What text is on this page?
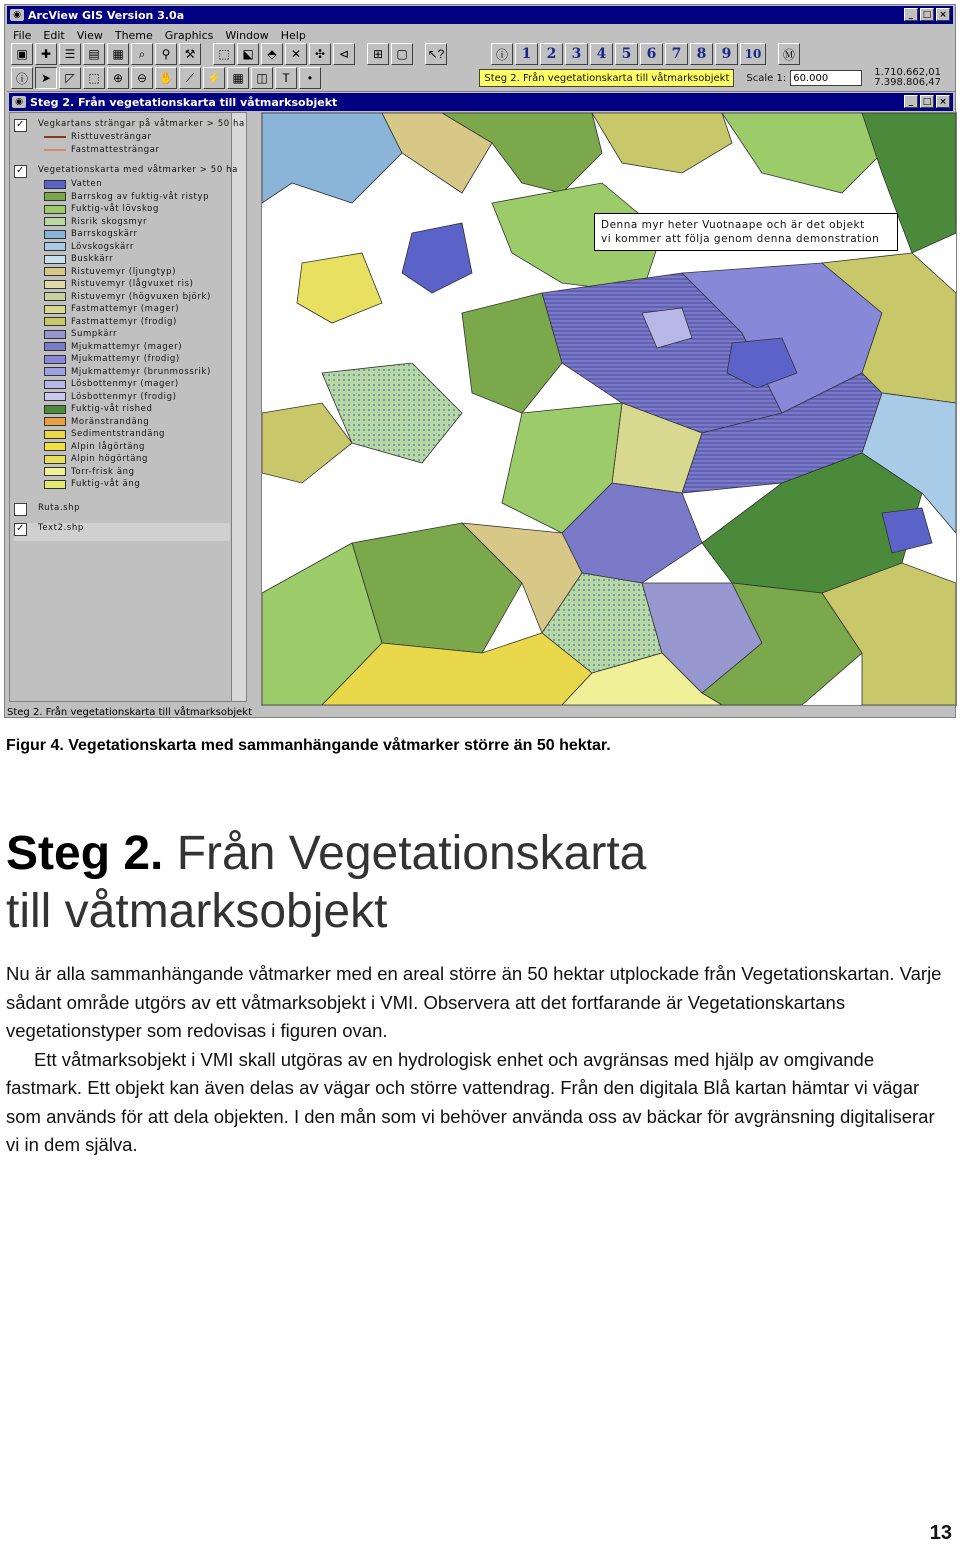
◉ ArcView GIS Version 3.0a	_	□ ×
File Edit View Theme Graphics Window Help
▣	✚	☰	▤	▦	⌕	⚲	⚒	⬚	⬕	⬘	✕	✣	⊲	⊞	▢	↖?	ⓘ 1	2	3	4	5	6	7	8	9	10	Ⓜ
ⓘ	➤	◸	⬚	⊕	⊖ ✋	⟋	⚡ ▦	◫	T	•	Steg 2. Från vegetationskarta till våtmarksobjekt	Scale 1:
60.000	1.710.662,01
7.398.806,47
◉ Steg 2. Från vegetationskarta till våtmarksobjekt	_	□ ×
✓ Vegkartans strängar på våtmarker > 50 ha
Risttuvesträngar
Fastmattesträngar
✓ Vegetationskarta med våtmarker > 50 ha
Vatten
Barrskog av fuktig-våt ristyp
Fuktig-våt lövskog
Risrik skogsmyr
Barrskogskärr
Lövskogskärr
Buskkärr
Ristuvemyr (ljungtyp)
Ristuvemyr (lågvuxet ris)
Ristuvemyr (högvuxen björk)
Fastmattemyr (mager)
Fastmattemyr (frodig)
Sumpkärr
Mjukmattemyr (mager)
Mjukmattemyr (frodig)
Mjukmattemyr (brunmossrik)
Lösbottenmyr (mager)
Lösbottenmyr (frodig)
Fuktig-våt rished
Moränstrandäng
Sedimentstrandäng
Alpin lågörtäng
Alpin högörtäng
Torr-frisk äng
Fuktig-våt äng
Ruta.shp
✓ Text2.shp
Denna myr heter Vuotnaape och är det objekt
vi kommer att följa genom denna demonstration
Steg 2. Från vegetationskarta till våtmarksobjekt
Figur 4. Vegetationskarta med sammanhängande våtmarker större än 50 hektar.
Steg 2. Från Vegetationskarta
till våtmarksobjekt

Nu är alla sammanhängande våtmarker med en areal större än 50 hektar utplockade från Vegetationskartan. Varje sådant område utgörs av ett våtmarksobjekt i VMI. Observera att det fortfarande är Vegetationskartans vegetationstyper som redovisas i figuren ovan.

Ett våtmarksobjekt i VMI skall utgöras av en hydrologisk enhet och avgränsas med hjälp av omgivande fastmark. Ett objekt kan även delas av vägar och större vattendrag. Från den digitala Blå kartan hämtar vi vägar som används för att dela objekten. I den mån som vi behöver använda oss av bäckar för avgränsning digitaliserar vi in dem själva.

13
